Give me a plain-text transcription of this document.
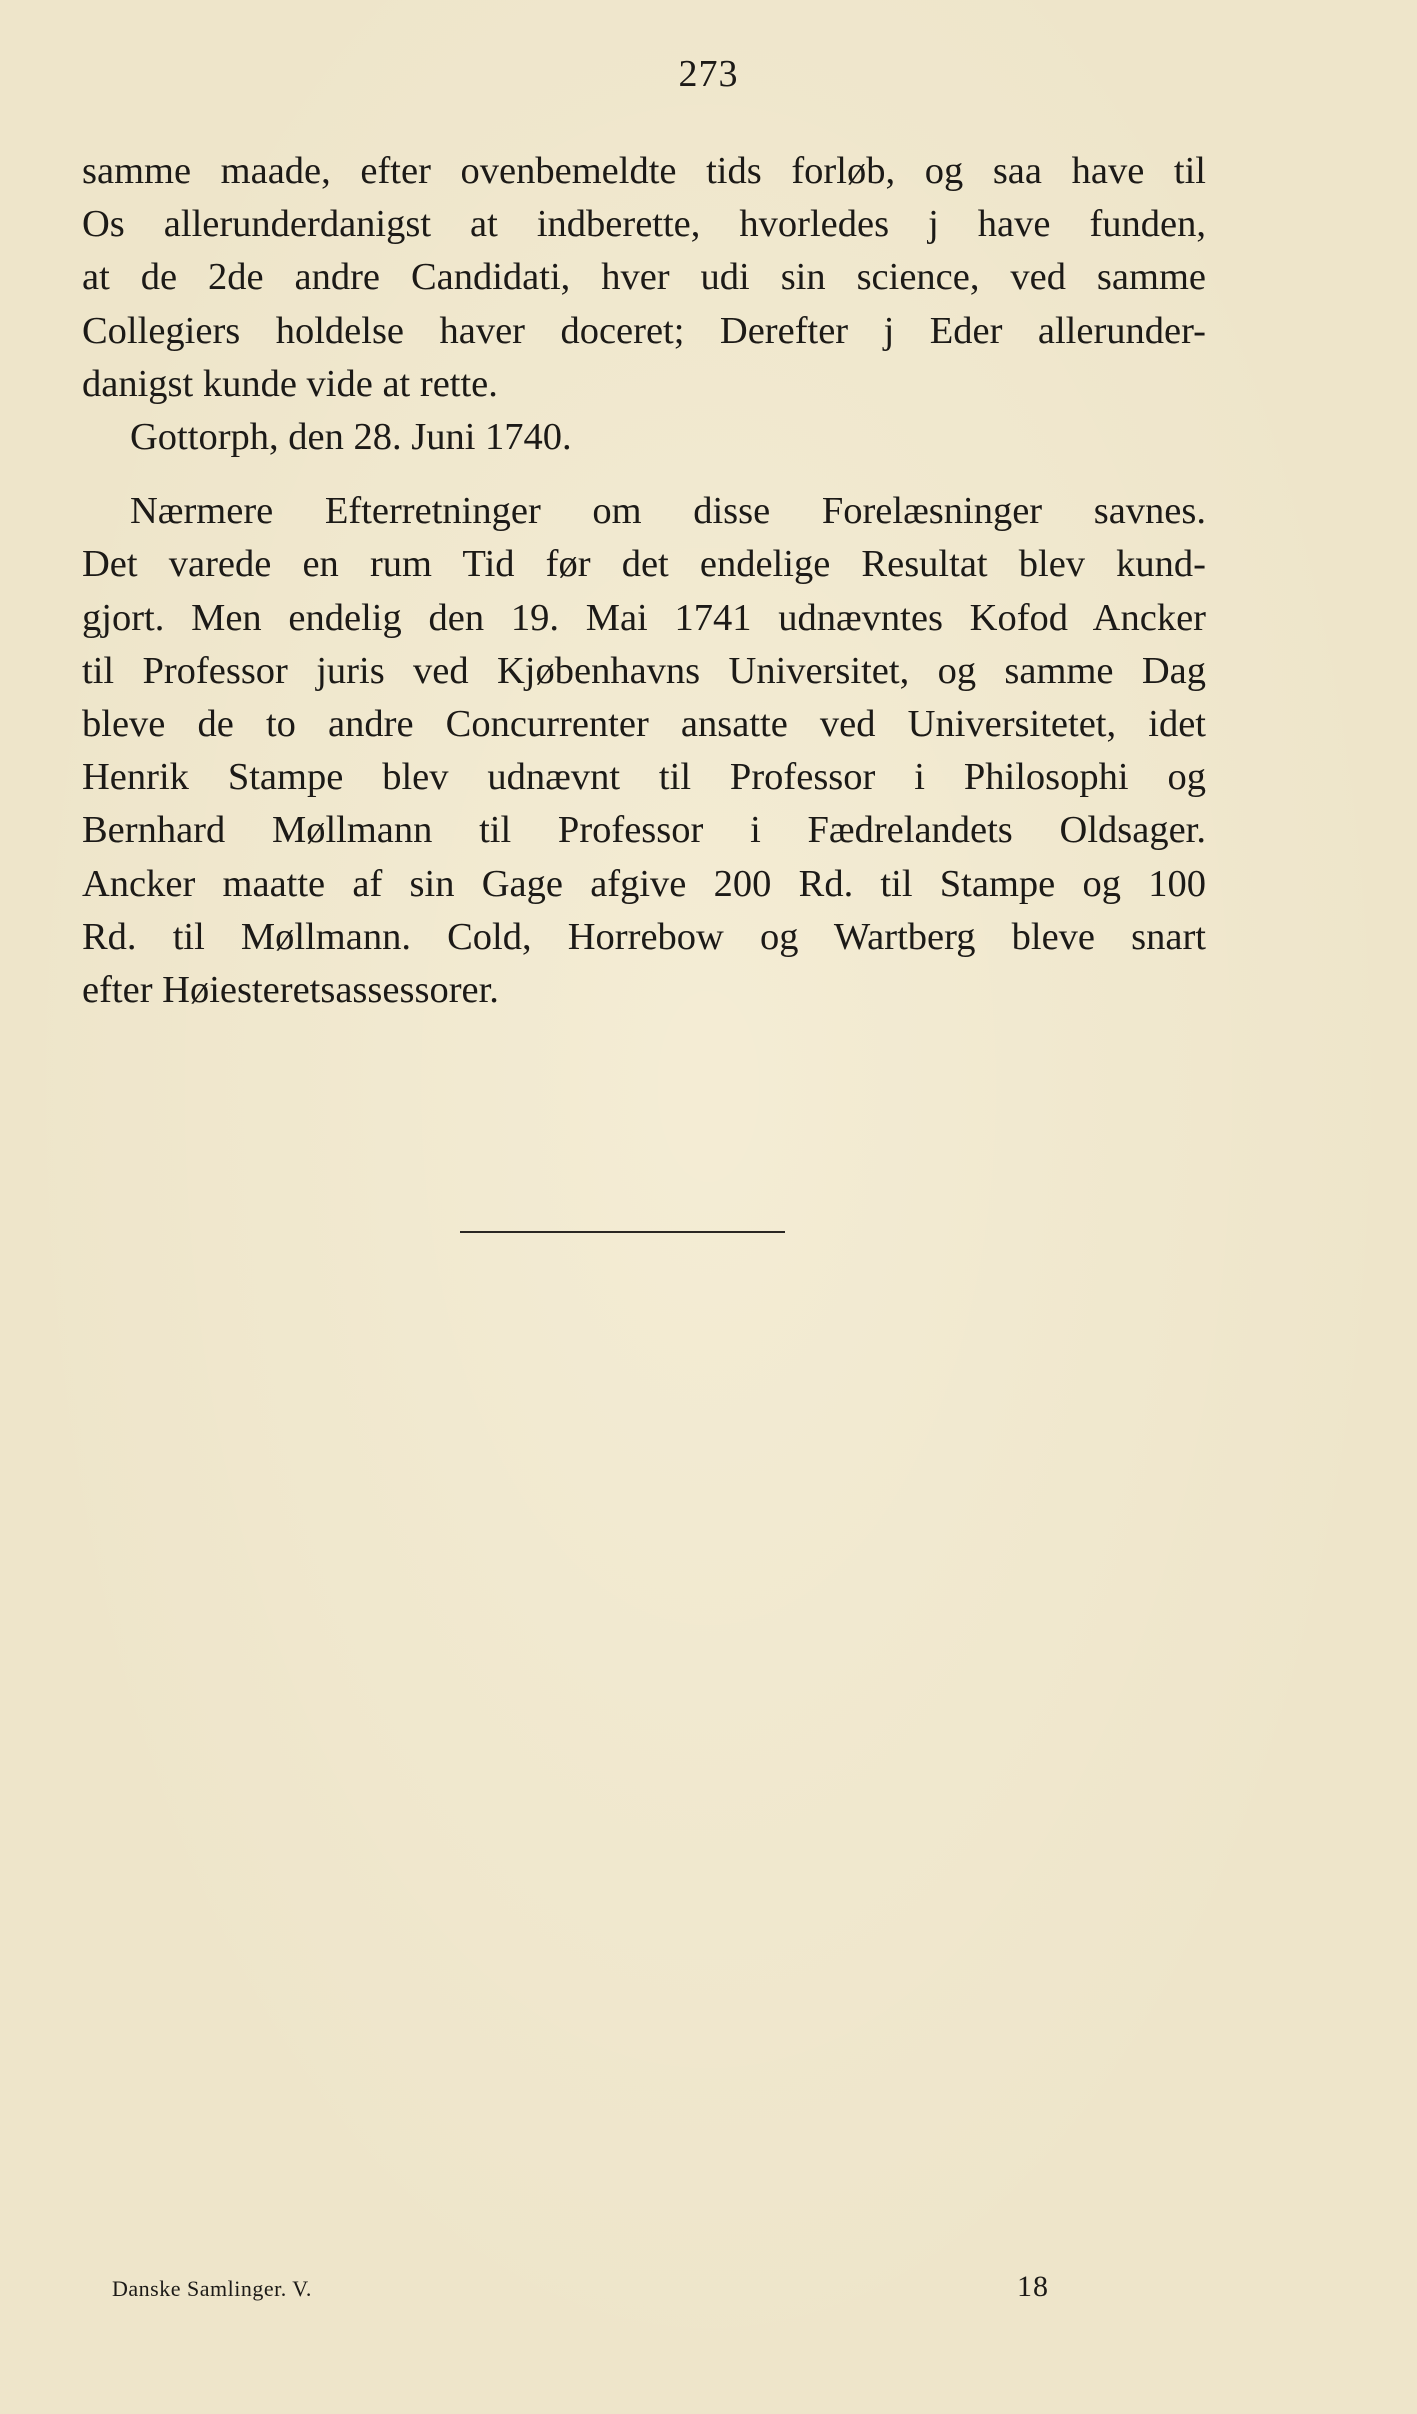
273
samme maade, efter ovenbemeldte tids forløb, og saa have til
Os allerunderdanigst at indberette, hvorledes j have funden,
at de 2de andre Candidati, hver udi sin science, ved samme
Collegiers holdelse haver doceret; Derefter j Eder allerunder-
danigst kunde vide at rette.
Gottorph, den 28. Juni 1740.
Nærmere Efterretninger om disse Forelæsninger savnes.
Det varede en rum Tid før det endelige Resultat blev kund-
gjort. Men endelig den 19. Mai 1741 udnævntes Kofod Ancker
til Professor juris ved Kjøbenhavns Universitet, og samme Dag
bleve de to andre Concurrenter ansatte ved Universitetet, idet
Henrik Stampe blev udnævnt til Professor i Philosophi og
Bernhard Møllmann til Professor i Fædrelandets Oldsager.
Ancker maatte af sin Gage afgive 200 Rd. til Stampe og 100
Rd. til Møllmann. Cold, Horrebow og Wartberg bleve snart
efter Høiesteretsassessorer.
Danske Samlinger. V.	18
